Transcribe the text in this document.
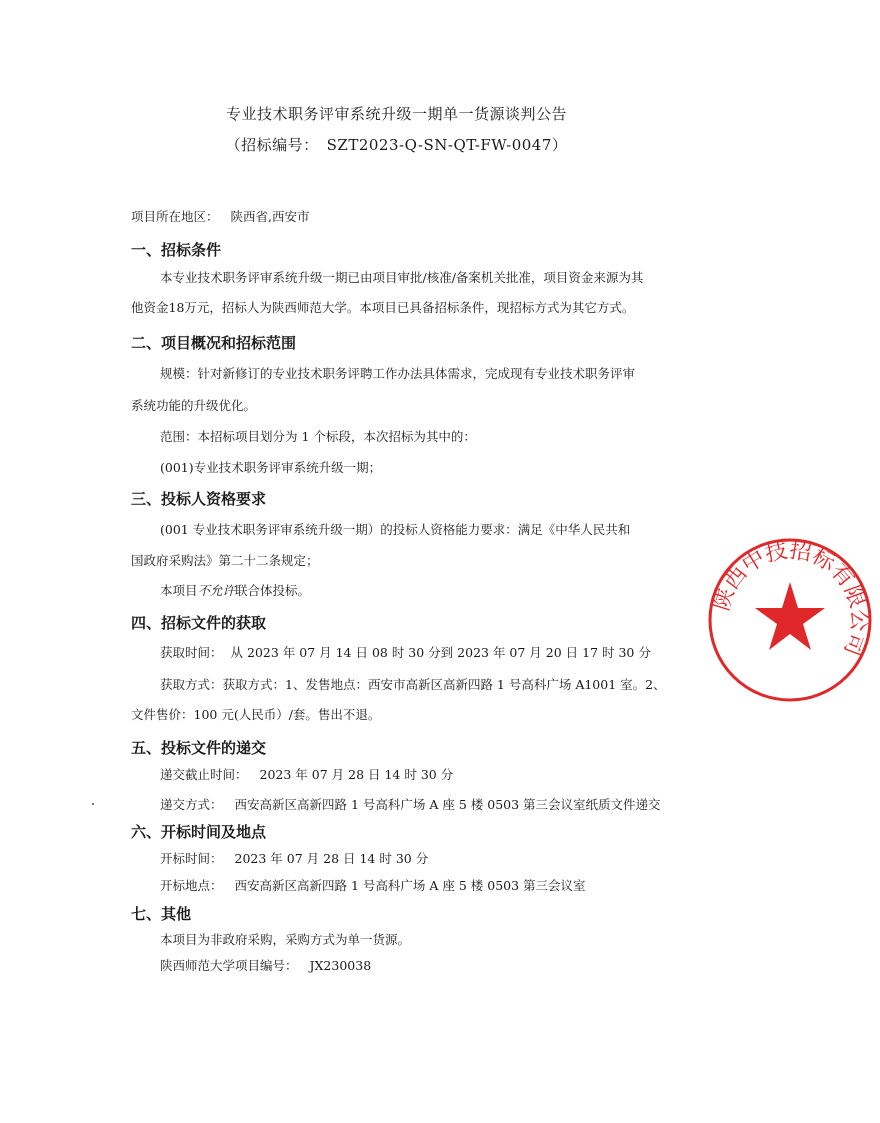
专业技术职务评审系统升级一期单一货源谈判公告
（招标编号：　SZT2023-Q-SN-QT-FW-0047）
项目所在地区： 陕西省,西安市
一、招标条件
本专业技术职务评审系统升级一期已由项目审批/核准/备案机关批准，项目资金来源为其
他资金18万元，招标人为陕西师范大学。本项目已具备招标条件，现招标方式为其它方式。
二、项目概况和招标范围
规模：针对新修订的专业技术职务评聘工作办法具体需求，完成现有专业技术职务评审
系统功能的升级优化。
范围：本招标项目划分为 1 个标段，本次招标为其中的：
(001)专业技术职务评审系统升级一期；
三、投标人资格要求
(001 专业技术职务评审系统升级一期）的投标人资格能力要求：满足《中华人民共和
国政府采购法》第二十二条规定；
本项目不允许联合体投标。
四、招标文件的获取
获取时间： 从 2023 年 07 月 14 日 08 时 30 分到 2023 年 07 月 20 日 17 时 30 分
获取方式：获取方式：1、发售地点：西安市高新区高新四路 1 号高科广场 A1001 室。2、
文件售价：100 元(人民币）/套。售出不退。
五、投标文件的递交
递交截止时间： 2023 年 07 月 28 日 14 时 30 分
递交方式： 西安高新区高新四路 1 号高科广场 A 座 5 楼 0503 第三会议室纸质文件递交
六、开标时间及地点
开标时间： 2023 年 07 月 28 日 14 时 30 分
开标地点： 西安高新区高新四路 1 号高科广场 A 座 5 楼 0503 第三会议室
七、其他
本项目为非政府采购，采购方式为单一货源。
陕西师范大学项目编号： JX230038
陕西中技招标有限公司
